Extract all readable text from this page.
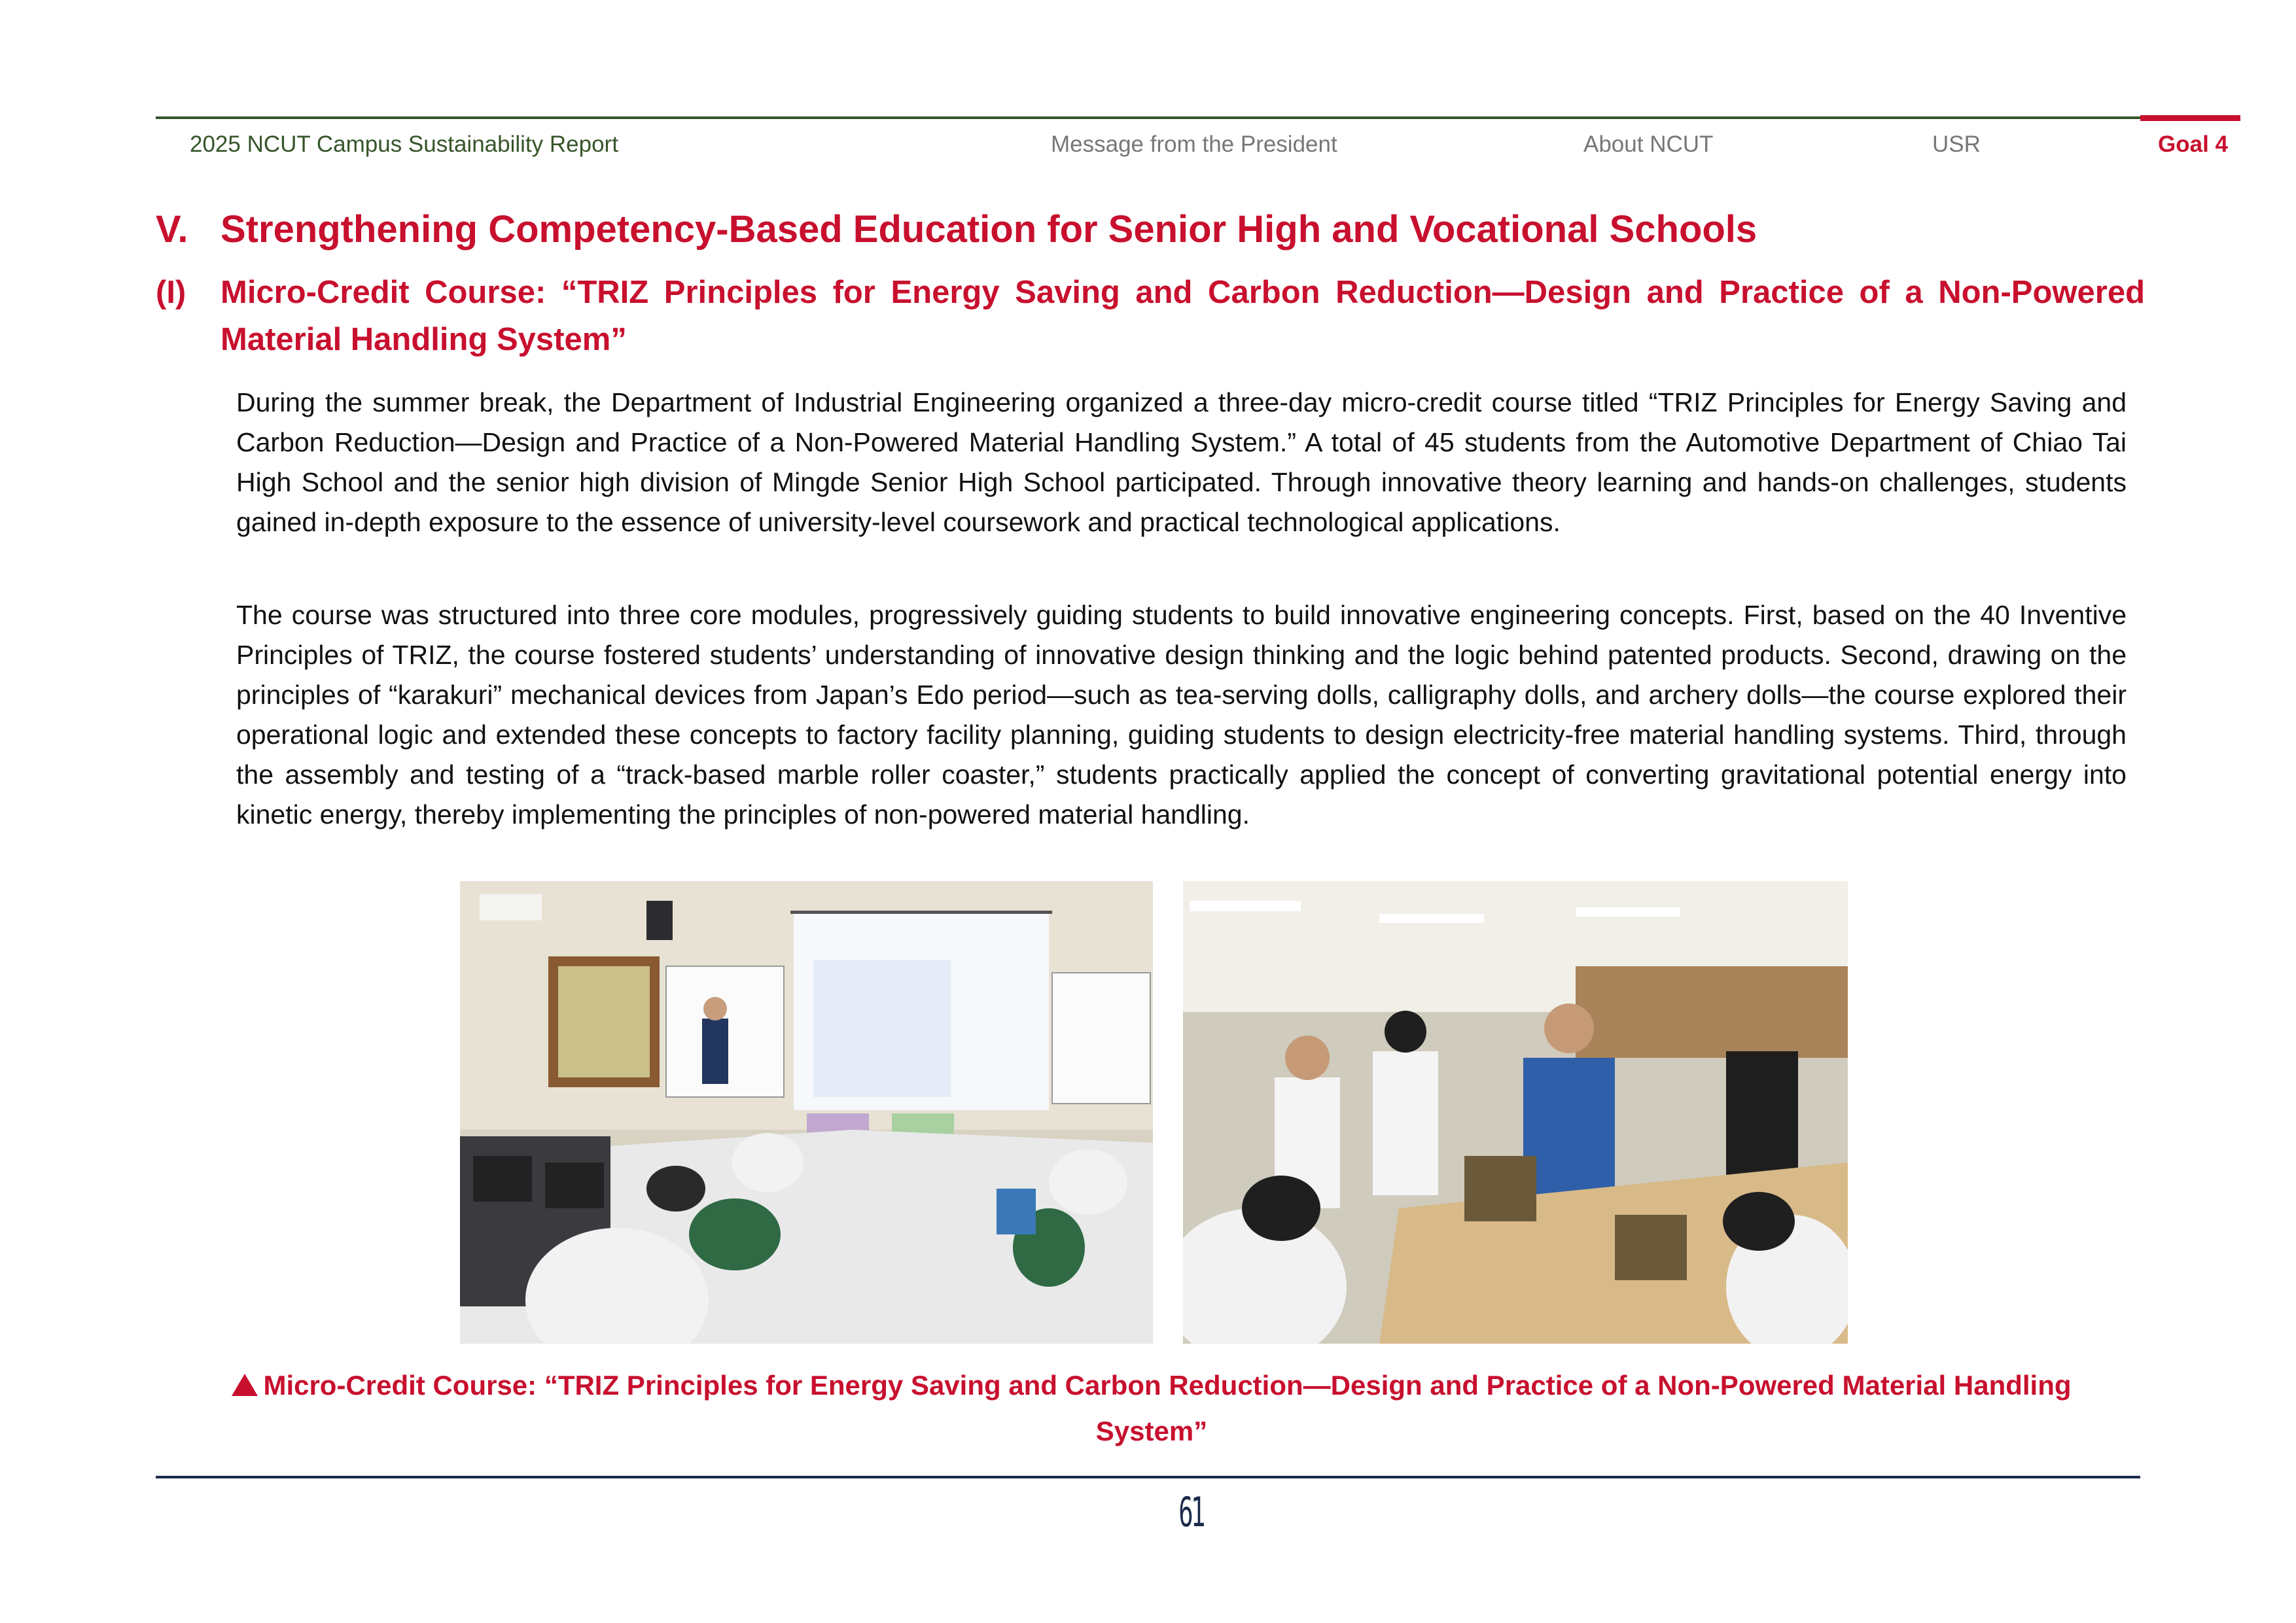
2025 NCUT Campus Sustainability Report	Message from the President	About NCUT	USR	Goal 4
V. Strengthening Competency-Based Education for Senior High and Vocational Schools
(I) Micro-Credit Course: “TRIZ Principles for Energy Saving and Carbon Reduction—Design and Practice of a Non-Powered Material Handling System”

During the summer break, the Department of Industrial Engineering organized a three-day micro-credit course titled “TRIZ Principles for Energy Saving and Carbon Reduction—Design and Practice of a Non-Powered Material Handling System.” A total of 45 students from the Automotive Department of Chiao Tai High School and the senior high division of Mingde Senior High School participated. Through innovative theory learning and hands-on challenges, students gained in-depth exposure to the essence of university-level coursework and practical technological applications.

The course was structured into three core modules, progressively guiding students to build innovative engineering concepts. First, based on the 40 Inventive Principles of TRIZ, the course fostered students’ understanding of innovative design thinking and the logic behind patented products. Second, drawing on the principles of “karakuri” mechanical devices from Japan’s Edo period—such as tea-serving dolls, calligraphy dolls, and archery dolls—the course explored their operational logic and extended these concepts to factory facility planning, guiding students to design electricity-free material handling systems. Third, through the assembly and testing of a “track-based marble roller coaster,” students practically applied the concept of converting gravitational potential energy into kinetic energy, thereby implementing the principles of non-powered material handling.

Micro-Credit Course: “TRIZ Principles for Energy Saving and Carbon Reduction—Design and Practice of a Non-Powered Material Handling System”
61
